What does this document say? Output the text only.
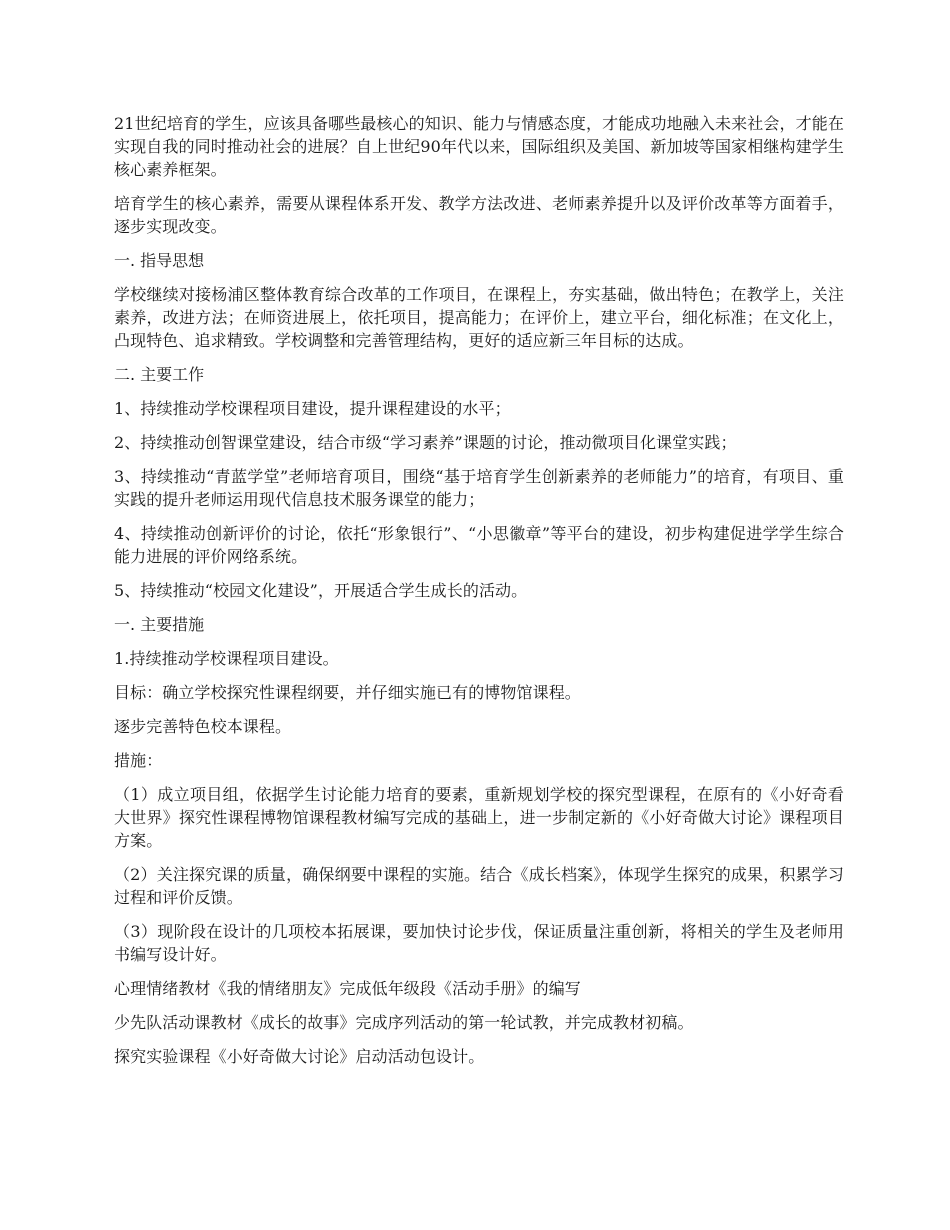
21世纪培育的学生，应该具备哪些最核心的知识、能力与情感态度，才能成功地融入未来社会，才能在实现自我的同时推动社会的进展？自上世纪90年代以来，国际组织及美国、新加坡等国家相继构建学生核心素养框架。

培育学生的核心素养，需要从课程体系开发、教学方法改进、老师素养提升以及评价改革等方面着手，逐步实现改变。

一. 指导思想

学校继续对接杨浦区整体教育综合改革的工作项目，在课程上，夯实基础，做出特色；在教学上，关注素养，改进方法；在师资进展上，依托项目，提高能力；在评价上，建立平台，细化标准；在文化上，凸现特色、追求精致。学校调整和完善管理结构，更好的适应新三年目标的达成。

二. 主要工作

1、持续推动学校课程项目建设，提升课程建设的水平；

2、持续推动创智课堂建设，结合市级“学习素养”课题的讨论，推动微项目化课堂实践；

3、持续推动“青蓝学堂”老师培育项目，围绕“基于培育学生创新素养的老师能力”的培育，有项目、重实践的提升老师运用现代信息技术服务课堂的能力；

4、持续推动创新评价的讨论，依托“形象银行”、“小思徽章”等平台的建设，初步构建促进学学生综合能力进展的评价网络系统。

5、持续推动“校园文化建设”，开展适合学生成长的活动。

一. 主要措施

1.持续推动学校课程项目建设。

目标：确立学校探究性课程纲要，并仔细实施已有的博物馆课程。

逐步完善特色校本课程。

措施：

（1）成立项目组，依据学生讨论能力培育的要素，重新规划学校的探究型课程，在原有的《小好奇看大世界》探究性课程博物馆课程教材编写完成的基础上，进一步制定新的《小好奇做大讨论》课程项目方案。

（2）关注探究课的质量，确保纲要中课程的实施。结合《成长档案》，体现学生探究的成果，积累学习过程和评价反馈。

（3）现阶段在设计的几项校本拓展课，要加快讨论步伐，保证质量注重创新，将相关的学生及老师用书编写设计好。

心理情绪教材《我的情绪朋友》完成低年级段《活动手册》的编写

少先队活动课教材《成长的故事》完成序列活动的第一轮试教，并完成教材初稿。

探究实验课程《小好奇做大讨论》启动活动包设计。
